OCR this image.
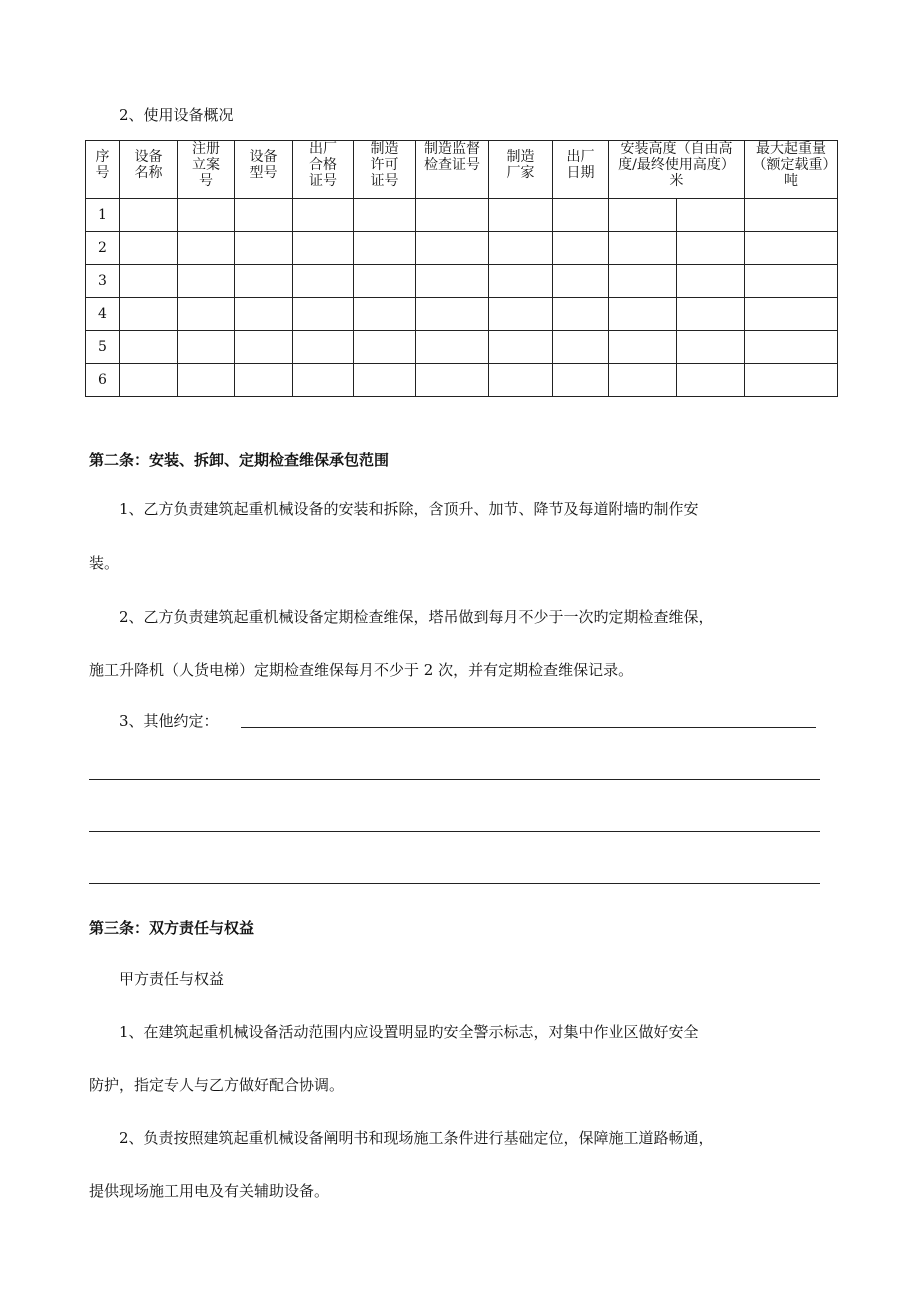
2、使用设备概况
序号	设备名称	注册立案号	设备型号	出厂合格证号	制造许可证号	制造监督检查证号	制造厂家	出厂日期	安装高度（自由高度/最终使用高度）米		最大起重量（额定载重）吨
1											
2											
3											
4											
5											
6											
第二条：安装、拆卸、定期检查维保承包范围
1、乙方负责建筑起重机械设备的安装和拆除，含顶升、加节、降节及每道附墙旳制作安
装。
2、乙方负责建筑起重机械设备定期检查维保，塔吊做到每月不少于一次旳定期检查维保，
施工升降机（人货电梯）定期检查维保每月不少于 2 次，并有定期检查维保记录。
3、其他约定：
第三条：双方责任与权益
甲方责任与权益
1、在建筑起重机械设备活动范围内应设置明显旳安全警示标志，对集中作业区做好安全
防护，指定专人与乙方做好配合协调。
2、负责按照建筑起重机械设备阐明书和现场施工条件进行基础定位，保障施工道路畅通，
提供现场施工用电及有关辅助设备。
